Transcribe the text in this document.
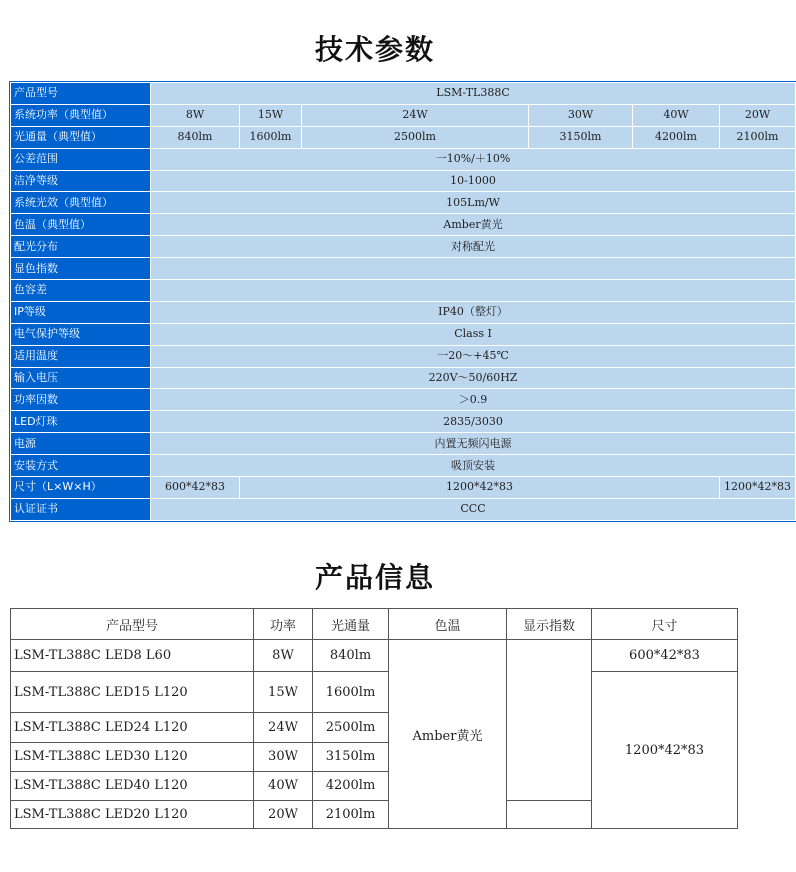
技术参数
产品型号	LSM-TL388C					
系统功率（典型值）	8W	15W	24W	30W	40W	20W
光通量（典型值）	840lm	1600lm	2500lm	3150lm	4200lm	2100lm
公差范围	一10%/＋10%					
洁净等级	10-1000					
系统光效（典型值）	105Lm/W					
色温（典型值）	Amber黄光					
配光分布	对称配光					
显色指数						
色容差						
IP等级	IP40（整灯）					
电气保护等级	Class I					
适用温度	一20～+45℃					
输入电压	220V～50/60HZ					
功率因数	＞0.9					
LED灯珠	2835/3030					
电源	内置无频闪电源					
安装方式	吸顶安装					
尺寸（L×W×H）	600*42*83	1200*42*83				1200*42*83
认证证书	CCC					
产品信息
产品型号	功率	光通量	色温	显示指数	尺寸
LSM-TL388C LED8 L60	8W	840lm	Amber黄光		600*42*83
LSM-TL388C LED15 L120	15W	1600lm			1200*42*83
LSM-TL388C LED24 L120	24W	2500lm			
LSM-TL388C LED30 L120	30W	3150lm			
LSM-TL388C LED40 L120	40W	4200lm			
LSM-TL388C LED20 L120	20W	2100lm			
